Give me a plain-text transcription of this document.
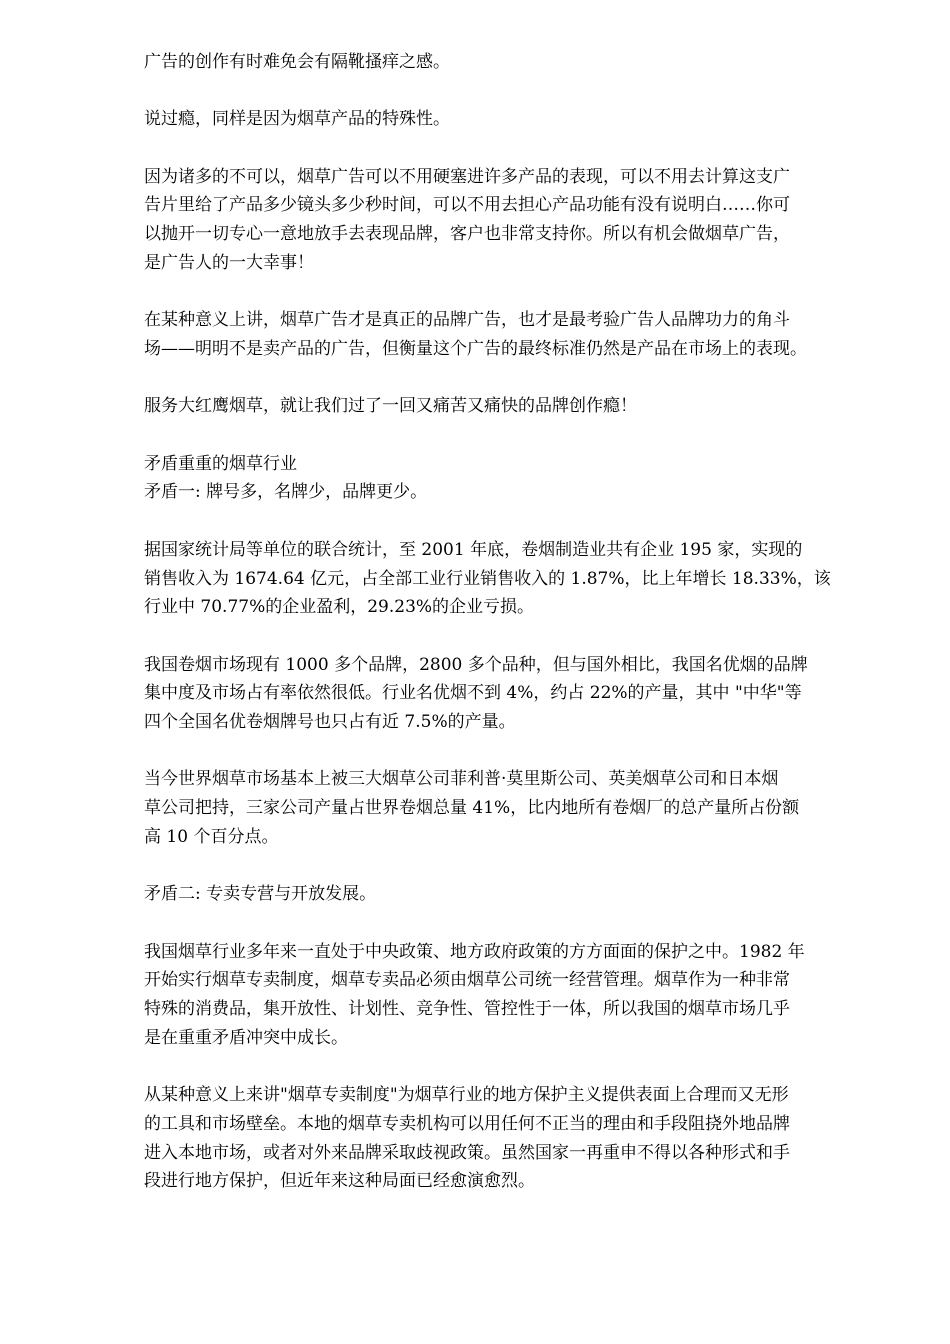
广告的创作有时难免会有隔靴搔痒之感。

说过瘾，同样是因为烟草产品的特殊性。

因为诸多的不可以，烟草广告可以不用硬塞进许多产品的表现，可以不用去计算这支广
告片里给了产品多少镜头多少秒时间，可以不用去担心产品功能有没有说明白……你可
以抛开一切专心一意地放手去表现品牌，客户也非常支持你。所以有机会做烟草广告，
是广告人的一大幸事！

在某种意义上讲，烟草广告才是真正的品牌广告，也才是最考验广告人品牌功力的角斗
场——明明不是卖产品的广告，但衡量这个广告的最终标准仍然是产品在市场上的表现。

服务大红鹰烟草，就让我们过了一回又痛苦又痛快的品牌创作瘾！

矛盾重重的烟草行业

矛盾一: 牌号多，名牌少，品牌更少。

据国家统计局等单位的联合统计，至 2001 年底，卷烟制造业共有企业 195 家，实现的
销售收入为 1674.64 亿元，占全部工业行业销售收入的 1.87%，比上年增长 18.33%，该
行业中 70.77%的企业盈利，29.23%的企业亏损。

我国卷烟市场现有 1000 多个品牌，2800 多个品种，但与国外相比，我国名优烟的品牌
集中度及市场占有率依然很低。行业名优烟不到 4%，约占 22%的产量，其中 "中华"等
四个全国名优卷烟牌号也只占有近 7.5%的产量。

当今世界烟草市场基本上被三大烟草公司菲利普·莫里斯公司、英美烟草公司和日本烟
草公司把持，三家公司产量占世界卷烟总量 41%，比内地所有卷烟厂的总产量所占份额
高 10 个百分点。

矛盾二: 专卖专营与开放发展。

我国烟草行业多年来一直处于中央政策、地方政府政策的方方面面的保护之中。1982 年
开始实行烟草专卖制度，烟草专卖品必须由烟草公司统一经营管理。烟草作为一种非常
特殊的消费品，集开放性、计划性、竞争性、管控性于一体，所以我国的烟草市场几乎
是在重重矛盾冲突中成长。

从某种意义上来讲"烟草专卖制度"为烟草行业的地方保护主义提供表面上合理而又无形
的工具和市场壁垒。本地的烟草专卖机构可以用任何不正当的理由和手段阻挠外地品牌
进入本地市场，或者对外来品牌采取歧视政策。虽然国家一再重申不得以各种形式和手
段进行地方保护，但近年来这种局面已经愈演愈烈。
